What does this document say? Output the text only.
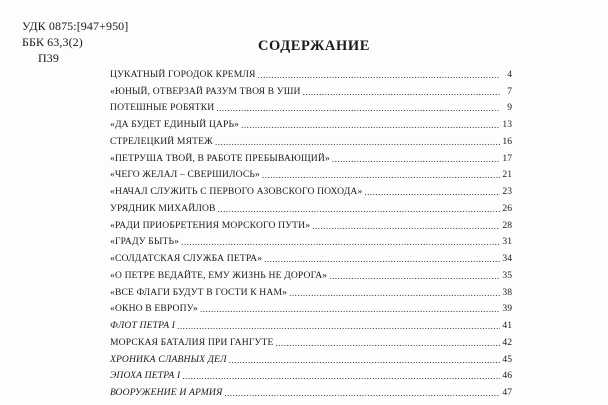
УДК 0875:[947+950]
ББК 63,3(2)
П39
СОДЕРЖАНИЕ
ЦУКАТНЫЙ ГОРОДОК КРЕМЛЯ .....	4
«ЮНЫЙ, ОТВЕРЗАЙ РАЗУМ ТВОЯ В УШИ .....	7
ПОТЕШНЫЕ РОБЯТКИ .....	9
«ДА БУДЕТ ЕДИНЫЙ ЦАРЬ» .....	13
СТРЕЛЕЦКИЙ МЯТЕЖ .....	16
«ПЕТРУША ТВОЙ, В РАБОТЕ ПРЕБЫВАЮЩИЙ» .....	17
«ЧЕГО ЖЕЛАЛ – СВЕРШИЛОСЬ» .....	21
«НАЧАЛ СЛУЖИТЬ С ПЕРВОГО АЗОВСКОГО ПОХОДА» .....	23
УРЯДНИК МИХАЙЛОВ .....	26
«РАДИ ПРИОБРЕТЕНИЯ МОРСКОГО ПУТИ» .....	28
«ГРАДУ БЫТЬ» .....	31
«СОЛДАТСКАЯ СЛУЖБА ПЕТРА» .....	34
«О ПЕТРЕ ВЕДАЙТЕ, ЕМУ ЖИЗНЬ НЕ ДОРОГА» .....	35
«ВСЕ ФЛАГИ БУДУТ В ГОСТИ К НАМ» .....	38
«ОКНО В ЕВРОПУ» .....	39
ФЛОТ ПЕТРА I .....	41
МОРСКАЯ БАТАЛИЯ ПРИ ГАНГУТЕ .....	42
ХРОНИКА СЛАВНЫХ ДЕЛ .....	45
ЭПОХА ПЕТРА I .....	46
ВООРУЖЕНИЕ И АРМИЯ .....	47
